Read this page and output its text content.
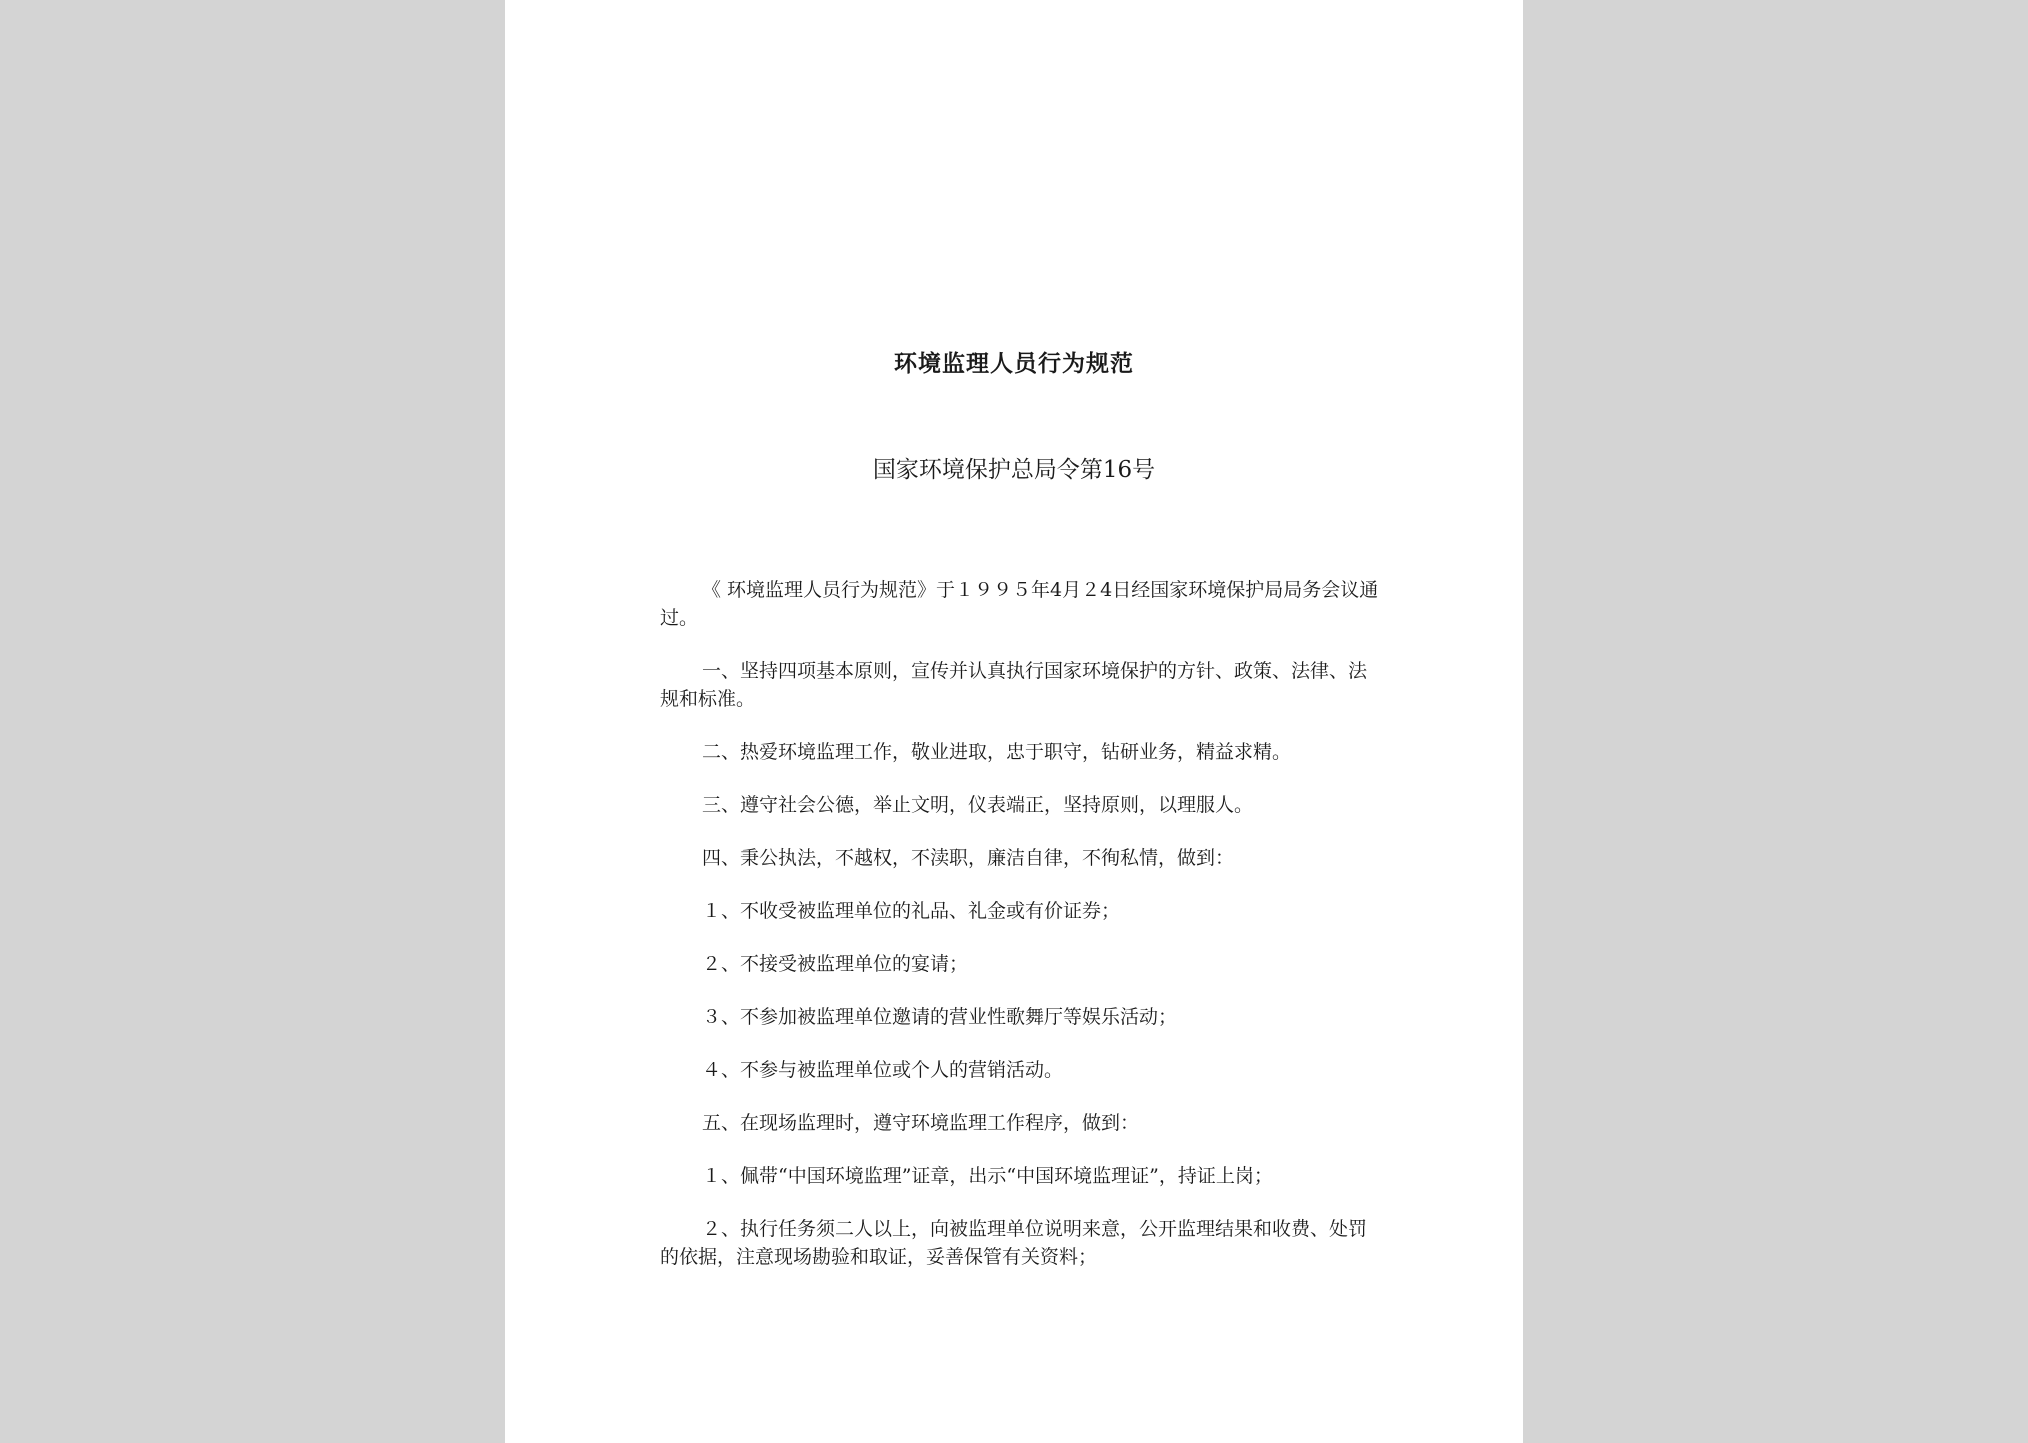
环境监理人员行为规范
国家环境保护总局令第16号

《 环境监理人员行为规范》于１９９５年4月２4日经国家环境保护局局务会议通过。

一、坚持四项基本原则，宣传并认真执行国家环境保护的方针、政策、法律、法规和标准。

二、热爱环境监理工作，敬业进取，忠于职守，钻研业务，精益求精。

三、遵守社会公德，举止文明，仪表端正，坚持原则，以理服人。

四、秉公执法，不越权，不渎职，廉洁自律，不徇私情，做到：

１、不收受被监理单位的礼品、礼金或有价证券；

２、不接受被监理单位的宴请；

３、不参加被监理单位邀请的营业性歌舞厅等娱乐活动；

４、不参与被监理单位或个人的营销活动。

五、在现场监理时，遵守环境监理工作程序，做到：

１、佩带“中国环境监理”证章，出示“中国环境监理证”，持证上岗；

２、执行任务须二人以上，向被监理单位说明来意，公开监理结果和收费、处罚的依据，注意现场勘验和取证，妥善保管有关资料；
